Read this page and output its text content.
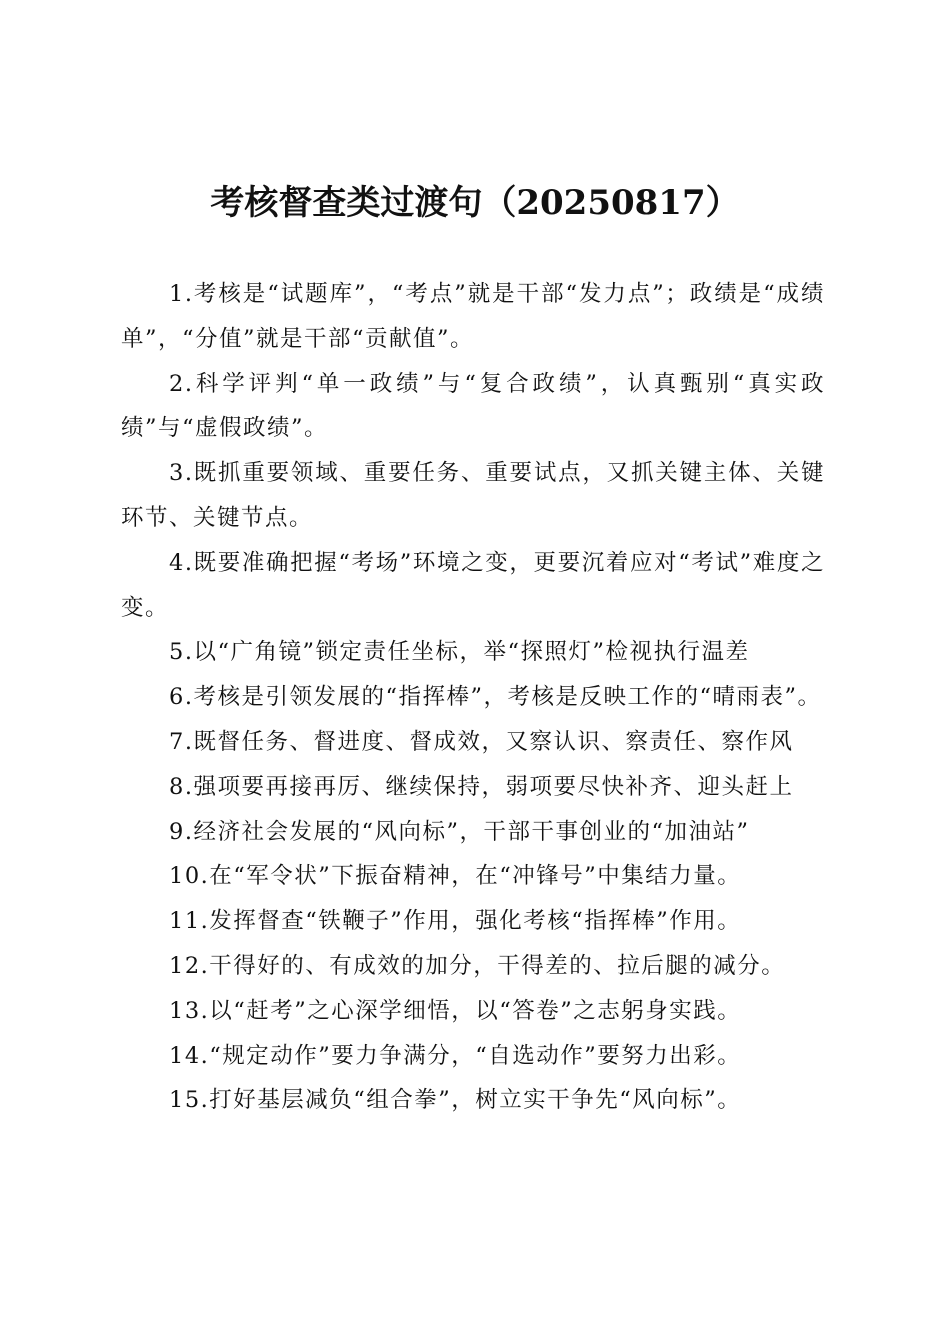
考核督查类过渡句（20250817）

1.考核是“试题库”，“考点”就是干部“发力点”；政绩是“成绩单”，“分值”就是干部“贡献值”。

2.科学评判“单一政绩”与“复合政绩”，认真甄别“真实政绩”与“虚假政绩”。

3.既抓重要领域、重要任务、重要试点，又抓关键主体、关键环节、关键节点。

4.既要准确把握“考场”环境之变，更要沉着应对“考试”难度之变。

5.以“广角镜”锁定责任坐标，举“探照灯”检视执行温差

6.考核是引领发展的“指挥棒”，考核是反映工作的“晴雨表”。

7.既督任务、督进度、督成效，又察认识、察责任、察作风

8.强项要再接再厉、继续保持，弱项要尽快补齐、迎头赶上

9.经济社会发展的“风向标”，干部干事创业的“加油站”

10.在“军令状”下振奋精神，在“冲锋号”中集结力量。

11.发挥督查“铁鞭子”作用，强化考核“指挥棒”作用。

12.干得好的、有成效的加分，干得差的、拉后腿的减分。

13.以“赶考”之心深学细悟，以“答卷”之志躬身实践。

14.“规定动作”要力争满分，“自选动作”要努力出彩。

15.打好基层减负“组合拳”，树立实干争先“风向标”。
